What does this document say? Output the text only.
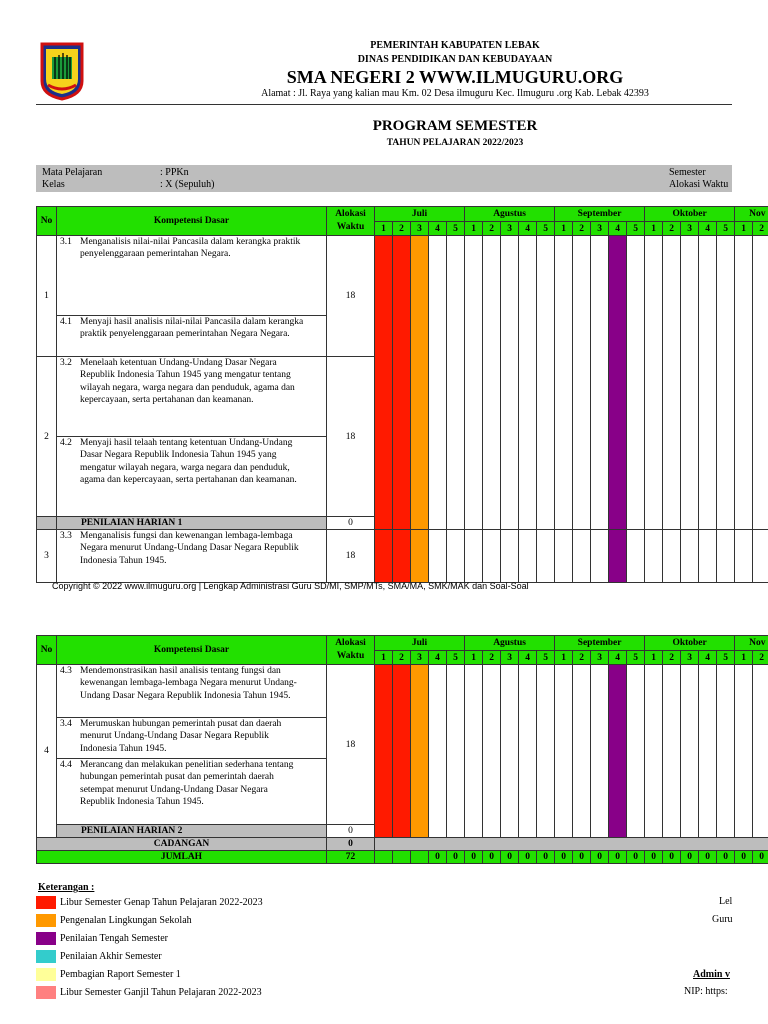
PEMERINTAH KABUPATEN LEBAK
DINAS PENDIDIKAN DAN KEBUDAYAAN
SMA NEGERI 2 WWW.ILMUGURU.ORG
Alamat : Jl. Raya yang kalian mau Km. 02 Desa ilmuguru Kec. Ilmuguru .org Kab. Lebak 42393
PROGRAM SEMESTER
TAHUN PELAJARAN 2022/2023
Mata Pelajaran	: PPKn
Kelas	: X (Sepuluh)
Semester
Alokasi Waktu
No	Kompetensi Dasar	Alokasi
Waktu	Juli					Agustus					September					Oktober					Nov	
			1	2	3	4	5	1	2	3	4	5	1	2	3	4	5	1	2	3	4	5	1	2
1	3.1 Menganalisis nilai-nilai Pancasila dalam kerangka praktik penyelenggaraan pemerintahan Negara.	18																						
	4.1 Menyaji hasil analisis nilai-nilai Pancasila dalam kerangka praktik penyelenggaraan pemerintahan Negara Negara.																							
2	3.2 Menelaah ketentuan Undang-Undang Dasar Negara Republik Indonesia Tahun 1945 yang mengatur tentang wilayah negara, warga negara dan penduduk, agama dan kepercayaan, serta pertahanan dan keamanan.	18																						
	4.2 Menyaji hasil telaah tentang ketentuan Undang-Undang Dasar Negara Republik Indonesia Tahun 1945 yang mengatur wilayah negara, warga negara dan penduduk, agama dan kepercayaan, serta pertahanan dan keamanan.																							
	PENILAIAN HARIAN 1	0																						
3	3.3 Menganalisis fungsi dan kewenangan lembaga-lembaga Negara menurut Undang-Undang Dasar Negara Republik Indonesia Tahun 1945.	18																						
Copyright © 2022 www.ilmuguru.org | Lengkap Administrasi Guru SD/MI, SMP/MTs, SMA/MA, SMK/MAK dan Soal-Soal
No	Kompetensi Dasar	Alokasi
Waktu	Juli					Agustus					September					Oktober					Nov	
			1	2	3	4	5	1	2	3	4	5	1	2	3	4	5	1	2	3	4	5	1	2
4	4.3 Mendemonstrasikan hasil analisis tentang fungsi dan kewenangan lembaga-lembaga Negara menurut Undang-Undang Dasar Negara Republik Indonesia Tahun 1945.	18																						
	3.4 Merumuskan hubungan pemerintah pusat dan daerah menurut Undang-Undang Dasar Negara Republik Indonesia Tahun 1945.																							
	4.4 Merancang dan melakukan penelitian sederhana tentang hubungan pemerintah pusat dan pemerintah daerah setempat menurut Undang-Undang Dasar Negara Republik Indonesia Tahun 1945.																							
	PENILAIAN HARIAN 2	0																						
CADANGAN		0																						
JUMLAH		72				0	0	0	0	0	0	0	0	0	0	0	0	0	0	0	0	0	0	0
Keterangan :
Libur Semester Genap Tahun Pelajaran 2022-2023
Pengenalan Lingkungan Sekolah
Penilaian Tengah Semester
Penilaian Akhir Semester
Pembagian Raport Semester 1
Libur Semester Ganjil Tahun Pelajaran 2022-2023
Lel
Guru
Admin v
NIP: https:
